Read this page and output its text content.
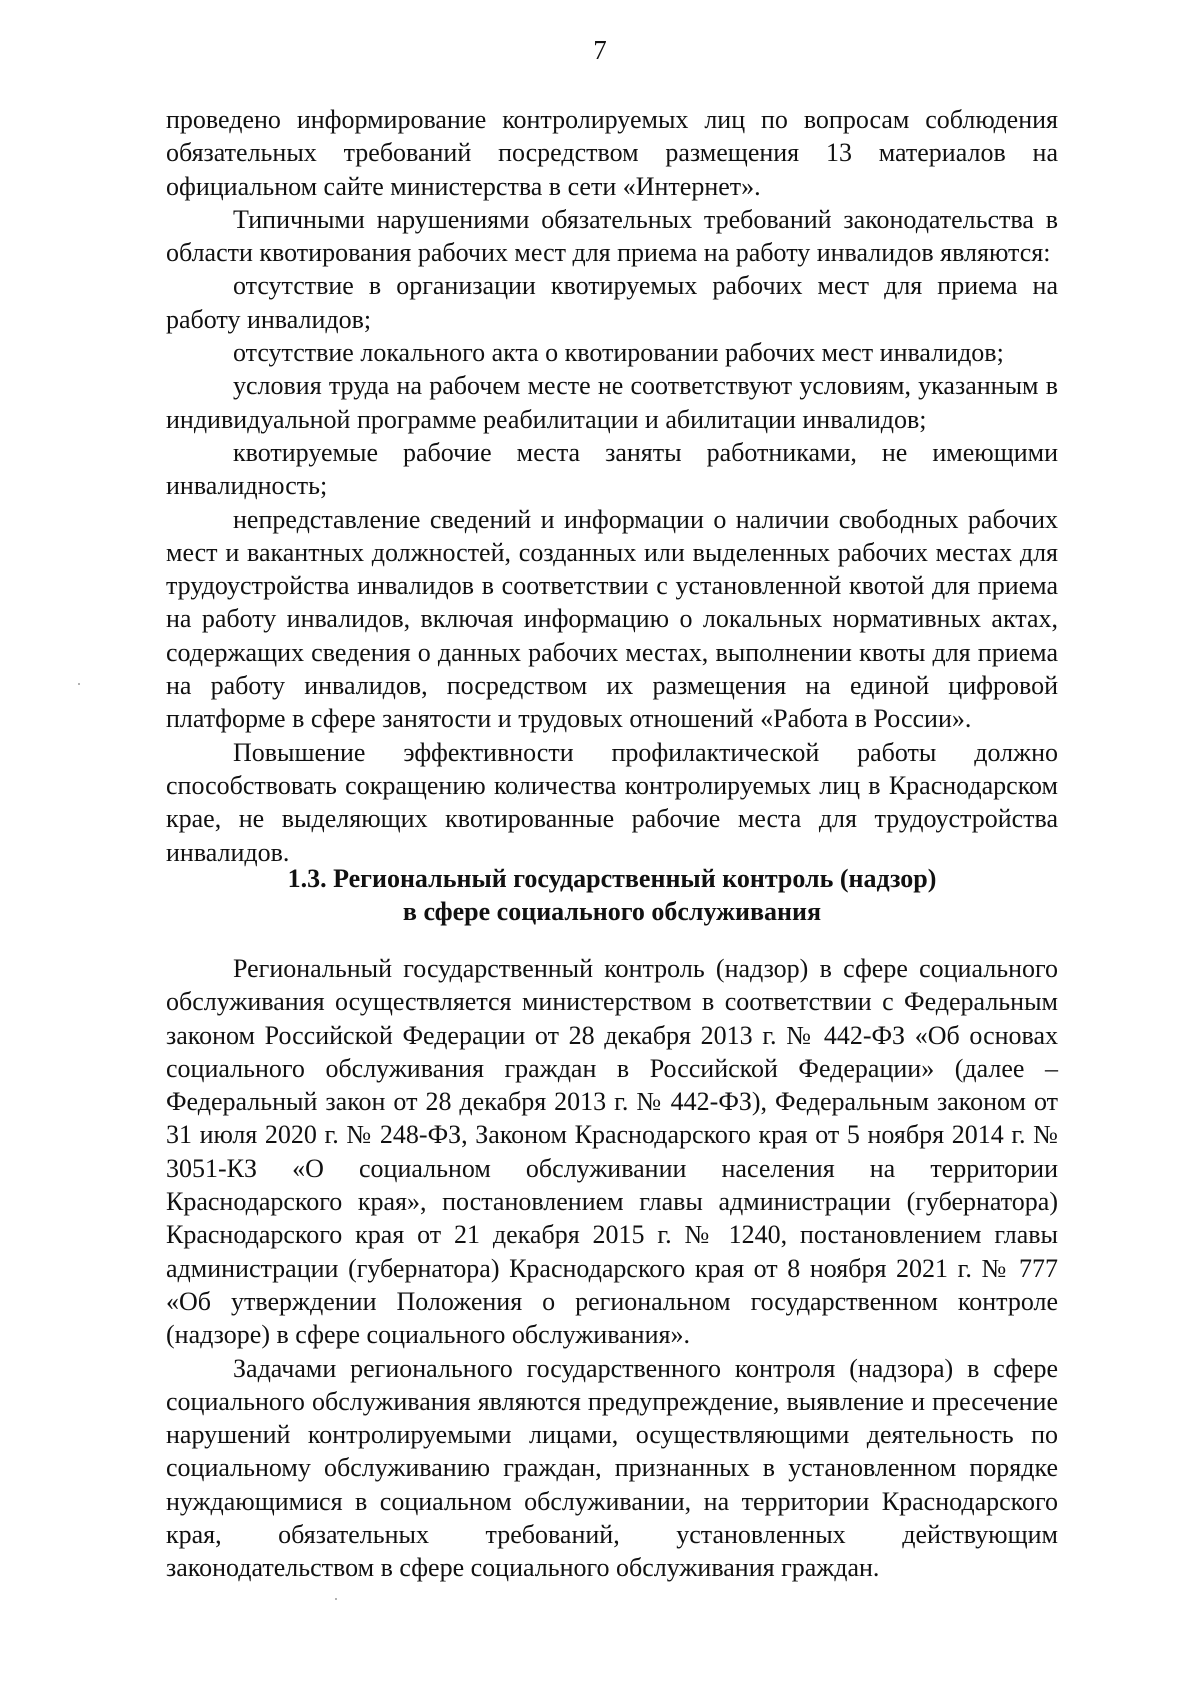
7

проведено информирование контролируемых лиц по вопросам соблюдения обязательных требований посредством размещения 13 материалов на официальном сайте министерства в сети «Интернет».

Типичными нарушениями обязательных требований законодательства в области квотирования рабочих мест для приема на работу инвалидов являются:

отсутствие в организации квотируемых рабочих мест для приема на работу инвалидов;

отсутствие локального акта о квотировании рабочих мест инвалидов;

условия труда на рабочем месте не соответствуют условиям, указанным в индивидуальной программе реабилитации и абилитации инвалидов;

квотируемые рабочие места заняты работниками, не имеющими инвалидность;

непредставление сведений и информации о наличии свободных рабочих мест и вакантных должностей, созданных или выделенных рабочих местах для трудоустройства инвалидов в соответствии с установленной квотой для приема на работу инвалидов, включая информацию о локальных нормативных актах, содержащих сведения о данных рабочих местах, выполнении квоты для приема на работу инвалидов, посредством их размещения на единой цифровой платформе в сфере занятости и трудовых отношений «Работа в России».

Повышение эффективности профилактической работы должно способствовать сокращению количества контролируемых лиц в Краснодарском крае, не выделяющих квотированные рабочие места для трудоустройства инвалидов.

1.3. Региональный государственный контроль (надзор)
в сфере социального обслуживания

Региональный государственный контроль (надзор) в сфере социального обслуживания осуществляется министерством в соответствии с Федеральным законом Российской Федерации от 28 декабря 2013 г. № 442-ФЗ «Об основах социального обслуживания граждан в Российской Федерации» (далее – Федеральный закон от 28 декабря 2013 г. № 442-ФЗ), Федеральным законом от 31 июля 2020 г. № 248-ФЗ, Законом Краснодарского края от 5 ноября 2014 г. № 3051-КЗ «О социальном обслуживании населения на территории Краснодарского края», постановлением главы администрации (губернатора) Краснодарского края от 21 декабря 2015 г. № 1240, постановлением главы администрации (губернатора) Краснодарского края от 8 ноября 2021 г. № 777 «Об утверждении Положения о региональном государственном контроле (надзоре) в сфере социального обслуживания».

Задачами регионального государственного контроля (надзора) в сфере социального обслуживания являются предупреждение, выявление и пресечение нарушений контролируемыми лицами, осуществляющими деятельность по социальному обслуживанию граждан, признанных в установленном порядке нуждающимися в социальном обслуживании, на территории Краснодарского края, обязательных требований, установленных действующим законодательством в сфере социального обслуживания граждан.
